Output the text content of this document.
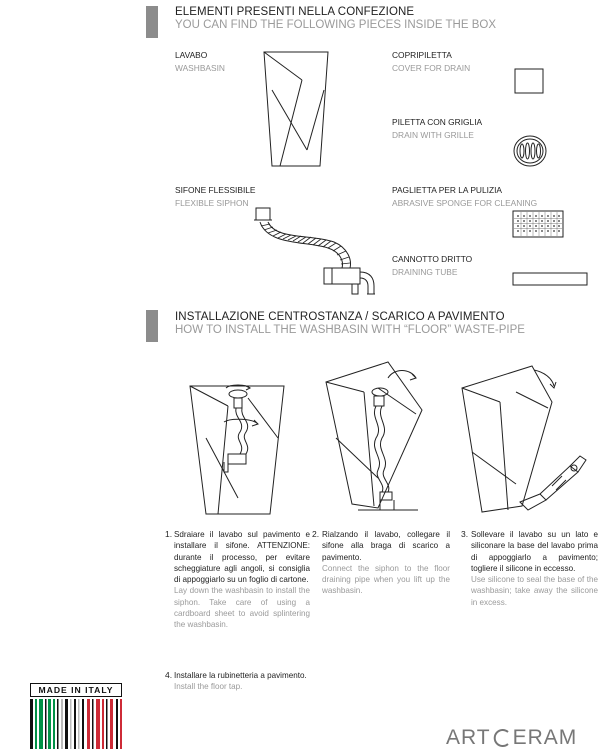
ELEMENTI PRESENTI NELLA CONFEZIONE
YOU CAN FIND THE FOLLOWING PIECES INSIDE THE BOX
LAVABO
WASHBASIN
COPRIPILETTA
COVER FOR DRAIN
PILETTA CON GRIGLIA
DRAIN WITH GRILLE
SIFONE FLESSIBILE
FLEXIBLE SIPHON
PAGLIETTA PER LA PULIZIA
ABRASIVE SPONGE FOR CLEANING
CANNOTTO DRITTO
DRAINING TUBE
INSTALLAZIONE CENTROSTANZA / SCARICO A PAVIMENTO
HOW TO INSTALL THE WASHBASIN WITH “FLOOR” WASTE-PIPE
1. Sdraiare il lavabo sul pavimento e installare il sifone. ATTENZIONE: durante il processo, per evitare scheggiature agli angoli, si consiglia di appoggiarlo su un foglio di cartone.
Lay down the washbasin to install the siphon. Take care of using a cardboard sheet to avoid splintering the washbasin.
2. Rialzando il lavabo, collegare il sifone alla braga di scarico a pavimento.
Connect the siphon to the floor draining pipe when you lift up the washbasin.
3. Sollevare il lavabo su un lato e siliconare la base del lavabo prima di appoggiarlo a pavimento; togliere il silicone in eccesso.
Use silicone to seal the base of the washbasin; take away the silicone in excess.
4. Installare la rubinetteria a pavimento.
Install the floor tap.
MADE IN ITALY
ART ERAM
